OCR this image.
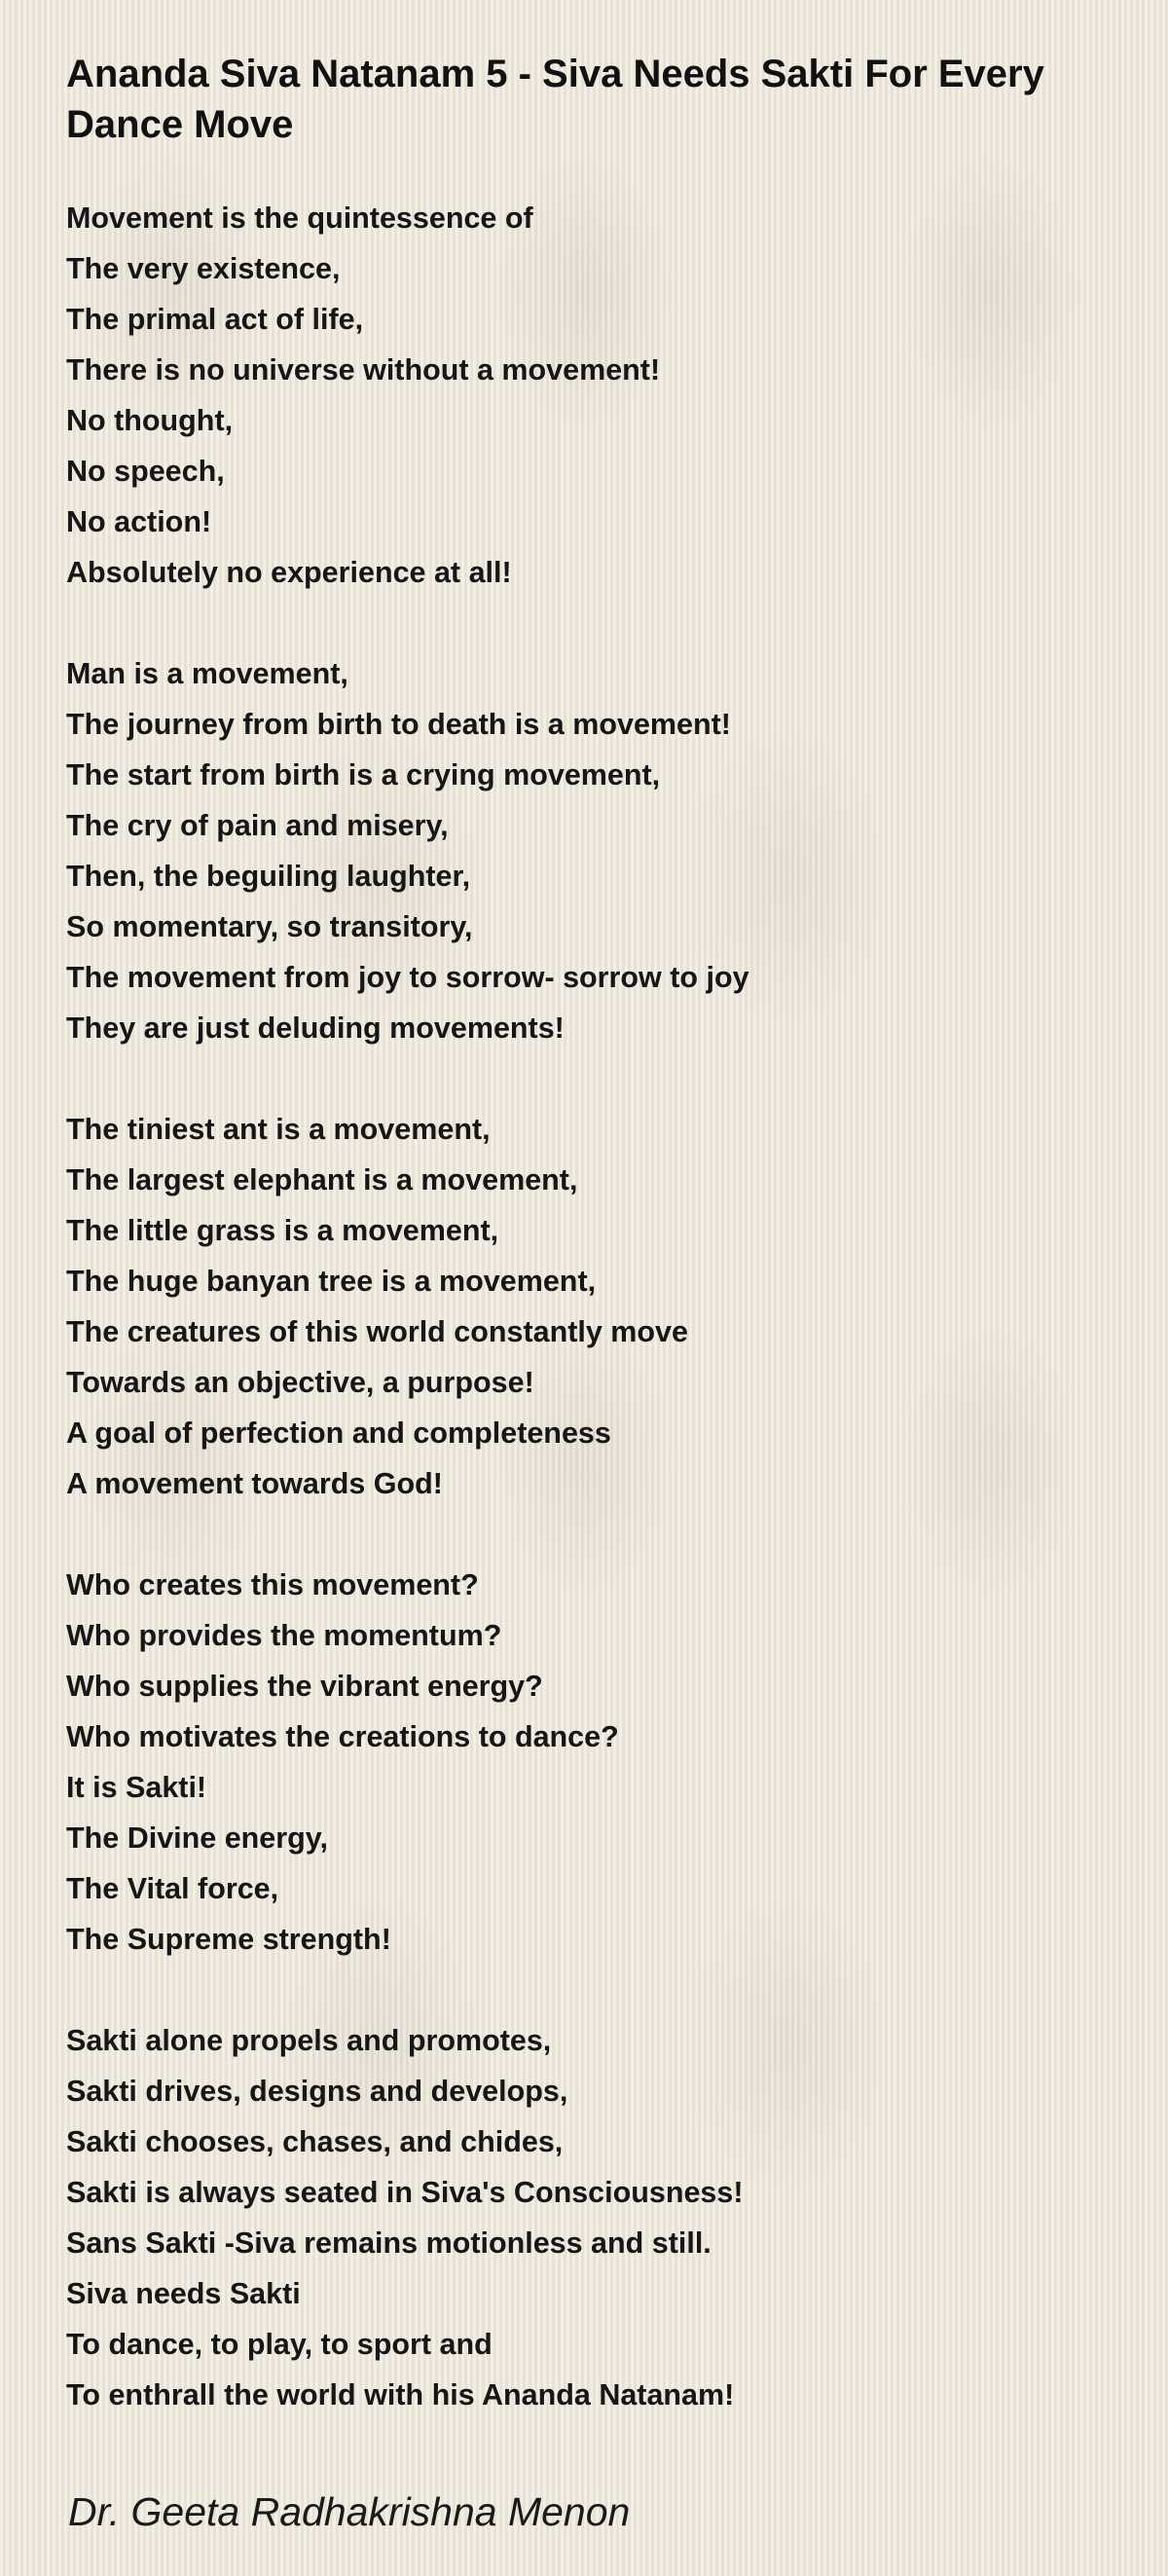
Ananda Siva Natanam 5 - Siva Needs Sakti For Every Dance Move
Movement is the quintessence of
The very existence,
The primal act of life,
There is no universe without a movement!
No thought,
No speech,
No action!
Absolutely no experience at all!
Man is a movement,
The journey from birth to death is a movement!
The start from birth is a crying movement,
The cry of pain and misery,
Then, the beguiling laughter,
So momentary, so transitory,
The movement from joy to sorrow- sorrow to joy
They are just deluding movements!
The tiniest ant is a movement,
The largest elephant is a movement,
The little grass is a movement,
The huge banyan tree is a movement,
The creatures of this world constantly move
Towards an objective, a purpose!
A goal of perfection and completeness
A movement towards God!
Who creates this movement?
Who provides the momentum?
Who supplies the vibrant energy?
Who motivates the creations to dance?
It is Sakti!
The Divine energy,
The Vital force,
The Supreme strength!
Sakti alone propels and promotes,
Sakti drives, designs and develops,
Sakti chooses, chases, and chides,
Sakti is always seated in Siva's Consciousness!
Sans Sakti -Siva remains motionless and still.
Siva needs Sakti
To dance, to play, to sport and
To enthrall the world with his Ananda Natanam!
Dr. Geeta Radhakrishna Menon
